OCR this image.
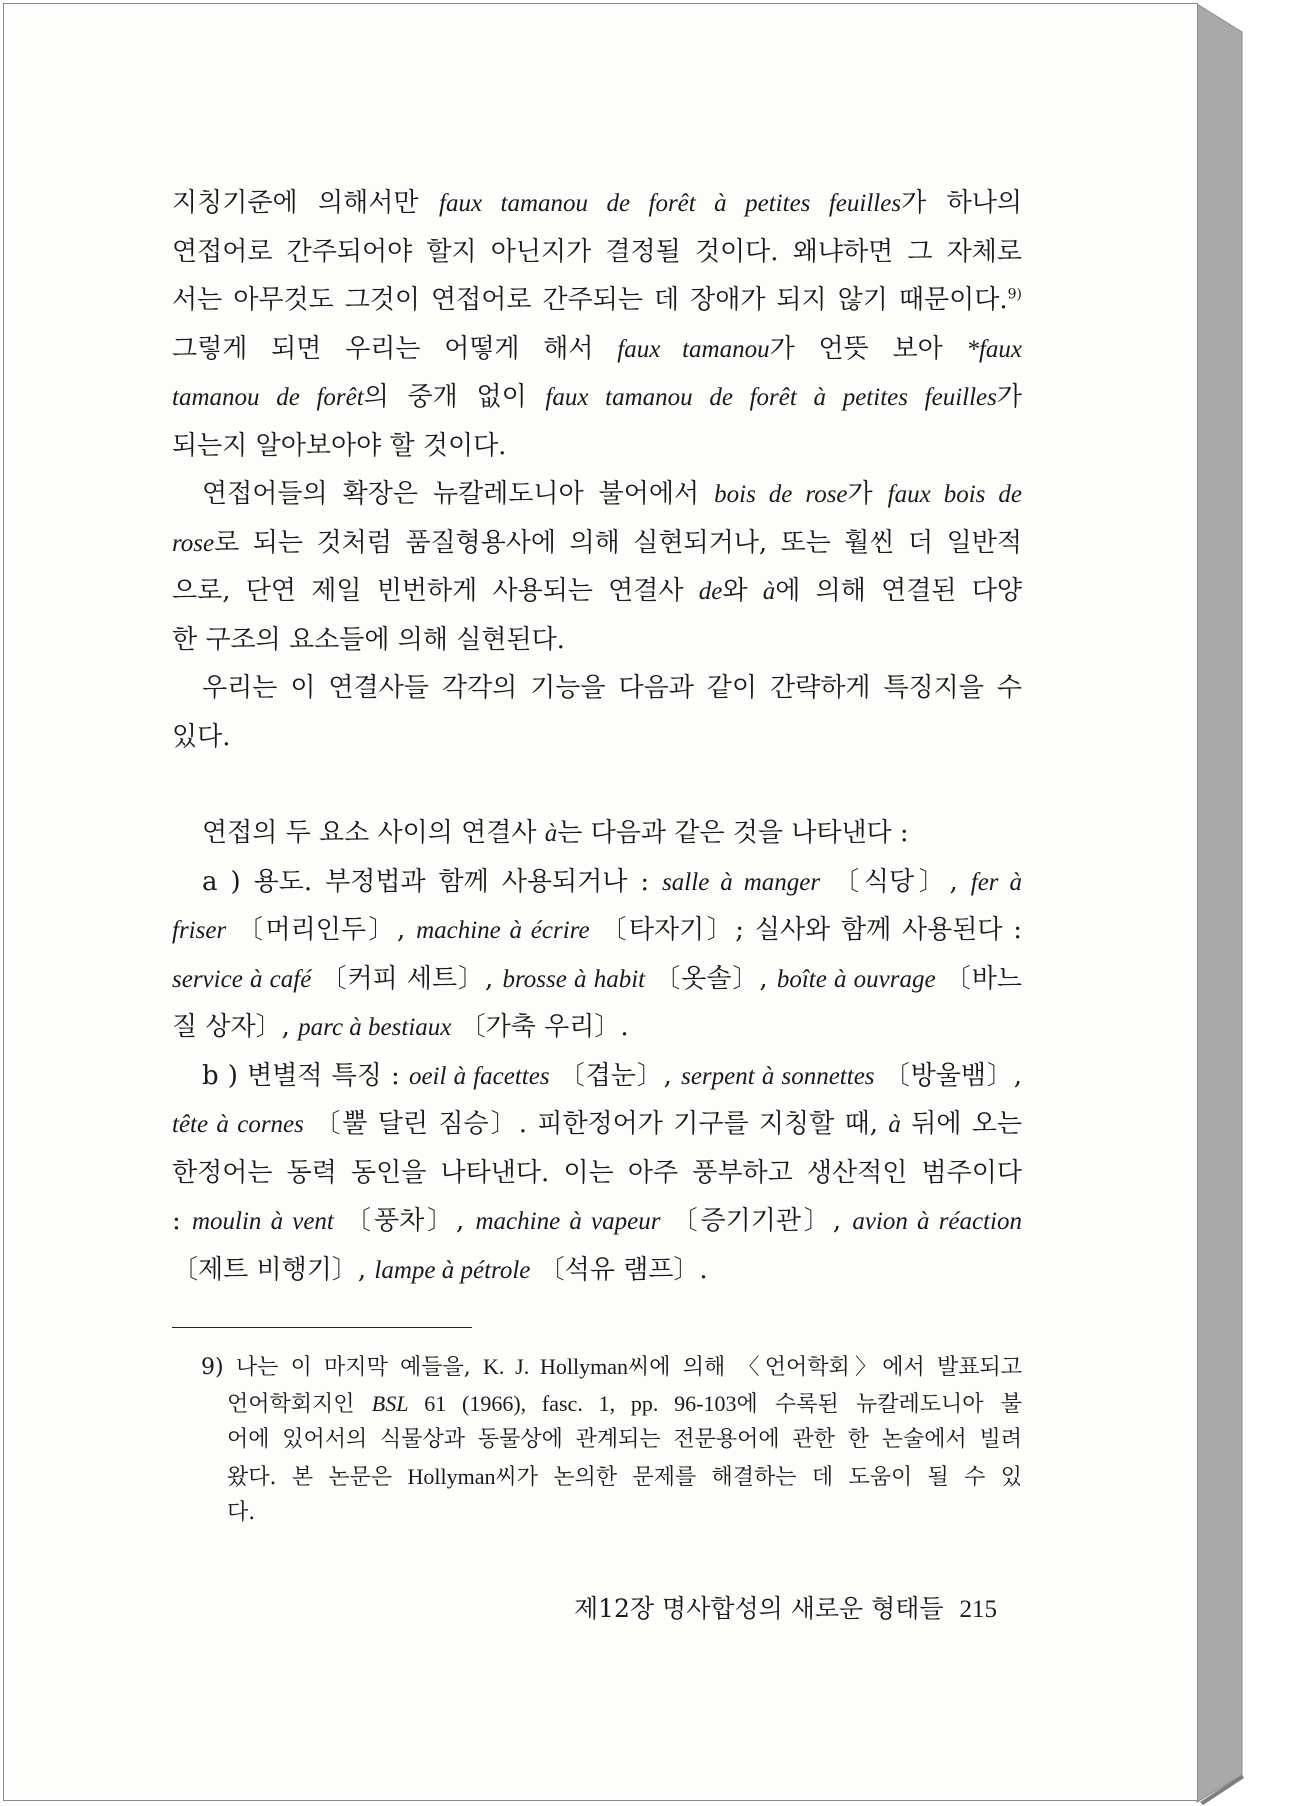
지칭기준에 의해서만 faux tamanou de forêt à petites feuilles가 하나의
연접어로 간주되어야 할지 아닌지가 결정될 것이다. 왜냐하면 그 자체로
서는 아무것도 그것이 연접어로 간주되는 데 장애가 되지 않기 때문이다.$^{9)}$
그렇게 되면 우리는 어떻게 해서 faux tamanou가 언뜻 보아 *faux
tamanou de forêt의 중개 없이 faux tamanou de forêt à petites feuilles가
되는지 알아보아야 할 것이다.
연접어들의 확장은 뉴칼레도니아 불어에서 bois de rose가 faux bois de
rose로 되는 것처럼 품질형용사에 의해 실현되거나, 또는 훨씬 더 일반적
으로, 단연 제일 빈번하게 사용되는 연결사 de와 à에 의해 연결된 다양
한 구조의 요소들에 의해 실현된다.
우리는 이 연결사들 각각의 기능을 다음과 같이 간략하게 특징지을 수
있다.
연접의 두 요소 사이의 연결사 à는 다음과 같은 것을 나타낸다 :
a ) 용도. 부정법과 함께 사용되거나 : salle à manger 〔식당〕, fer à
friser 〔머리인두〕, machine à écrire 〔타자기〕; 실사와 함께 사용된다 :
service à café 〔커피 세트〕, brosse à habit 〔옷솔〕, boîte à ouvrage 〔바느
질 상자〕, parc à bestiaux 〔가축 우리〕.
b ) 변별적 특징 : oeil à facettes 〔겹눈〕, serpent à sonnettes 〔방울뱀〕,
tête à cornes 〔뿔 달린 짐승〕. 피한정어가 기구를 지칭할 때, à 뒤에 오는
한정어는 동력 동인을 나타낸다. 이는 아주 풍부하고 생산적인 범주이다
: moulin à vent 〔풍차〕, machine à vapeur 〔증기기관〕, avion à réaction
〔제트 비행기〕, lampe à pétrole 〔석유 램프〕.
9) 나는 이 마지막 예들을, K. J. Hollyman씨에 의해 〈언어학회〉에서 발표되고
언어학회지인 BSL 61 (1966), fasc. 1, pp. 96-103에 수록된 뉴칼레도니아 불
어에 있어서의 식물상과 동물상에 관계되는 전문용어에 관한 한 논술에서 빌려
왔다. 본 논문은 Hollyman씨가 논의한 문제를 해결하는 데 도움이 될 수 있
다.
제12장 명사합성의 새로운 형태들 215
